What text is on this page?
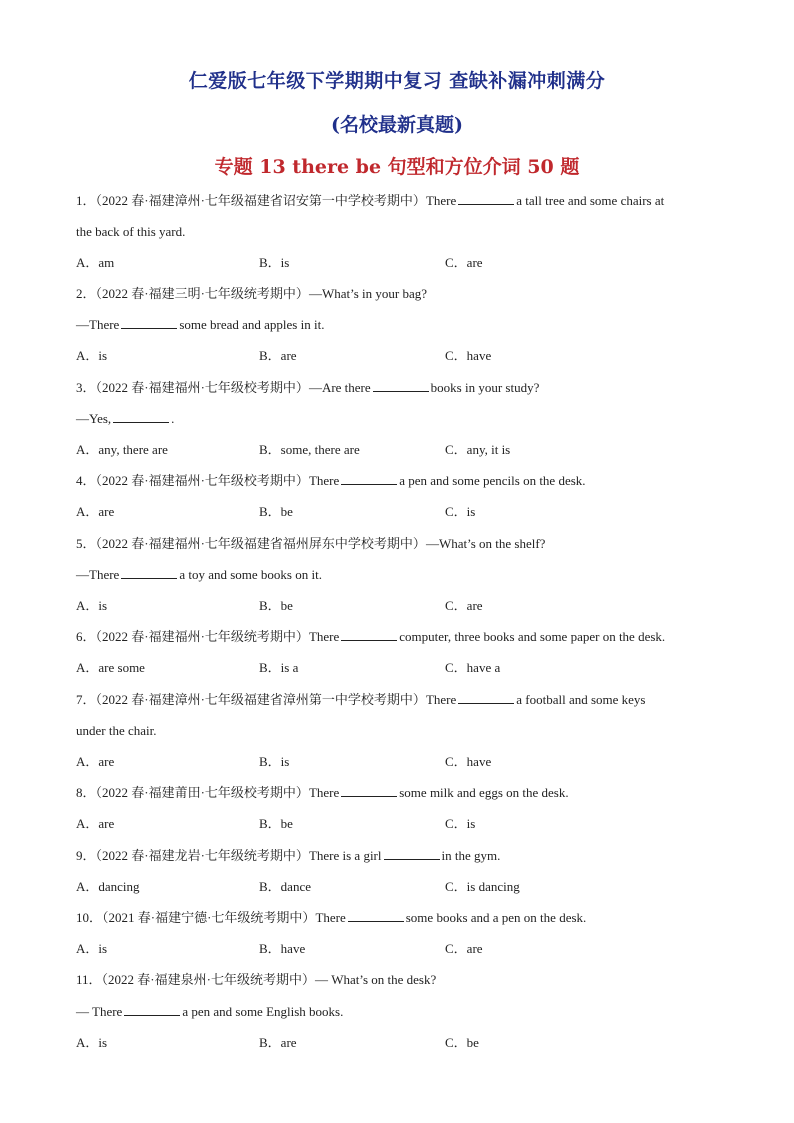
仁爱版七年级下学期期中复习 查缺补漏冲刺满分
(名校最新真题)
专题 13 there be 句型和方位介词 50 题
1．（2022 春·福建漳州·七年级福建省诏安第一中学校考期中）There	a tall tree and some chairs at
the back of this yard.
A．am	B．is	C．are
2．（2022 春·福建三明·七年级统考期中）—What’s in your bag?
—There	some bread and apples in it.
A．is	B．are	C．have
3．（2022 春·福建福州·七年级校考期中）—Are there	books in your study?
—Yes,	.
A．any, there are	B．some, there are	C．any, it is
4．（2022 春·福建福州·七年级校考期中）There	a pen and some pencils on the desk.
A．are	B．be	C．is
5．（2022 春·福建福州·七年级福建省福州屏东中学校考期中）—What’s on the shelf?
—There	a toy and some books on it.
A．is	B．be	C．are
6．（2022 春·福建福州·七年级统考期中）There	computer, three books and some paper on the desk.
A．are some	B．is a	C．have a
7．（2022 春·福建漳州·七年级福建省漳州第一中学校考期中）There	a football and some keys
under the chair.
A．are	B．is	C．have
8．（2022 春·福建莆田·七年级校考期中）There	some milk and eggs on the desk.
A．are	B．be	C．is
9．（2022 春·福建龙岩·七年级统考期中）There is a girl	in the gym.
A．dancing	B．dance	C．is dancing
10．（2021 春·福建宁德·七年级统考期中）There	some books and a pen on the desk.
A．is	B．have	C．are
11．（2022 春·福建泉州·七年级统考期中）— What’s on the desk?
— There	a pen and some English books.
A．is	B．are	C．be
